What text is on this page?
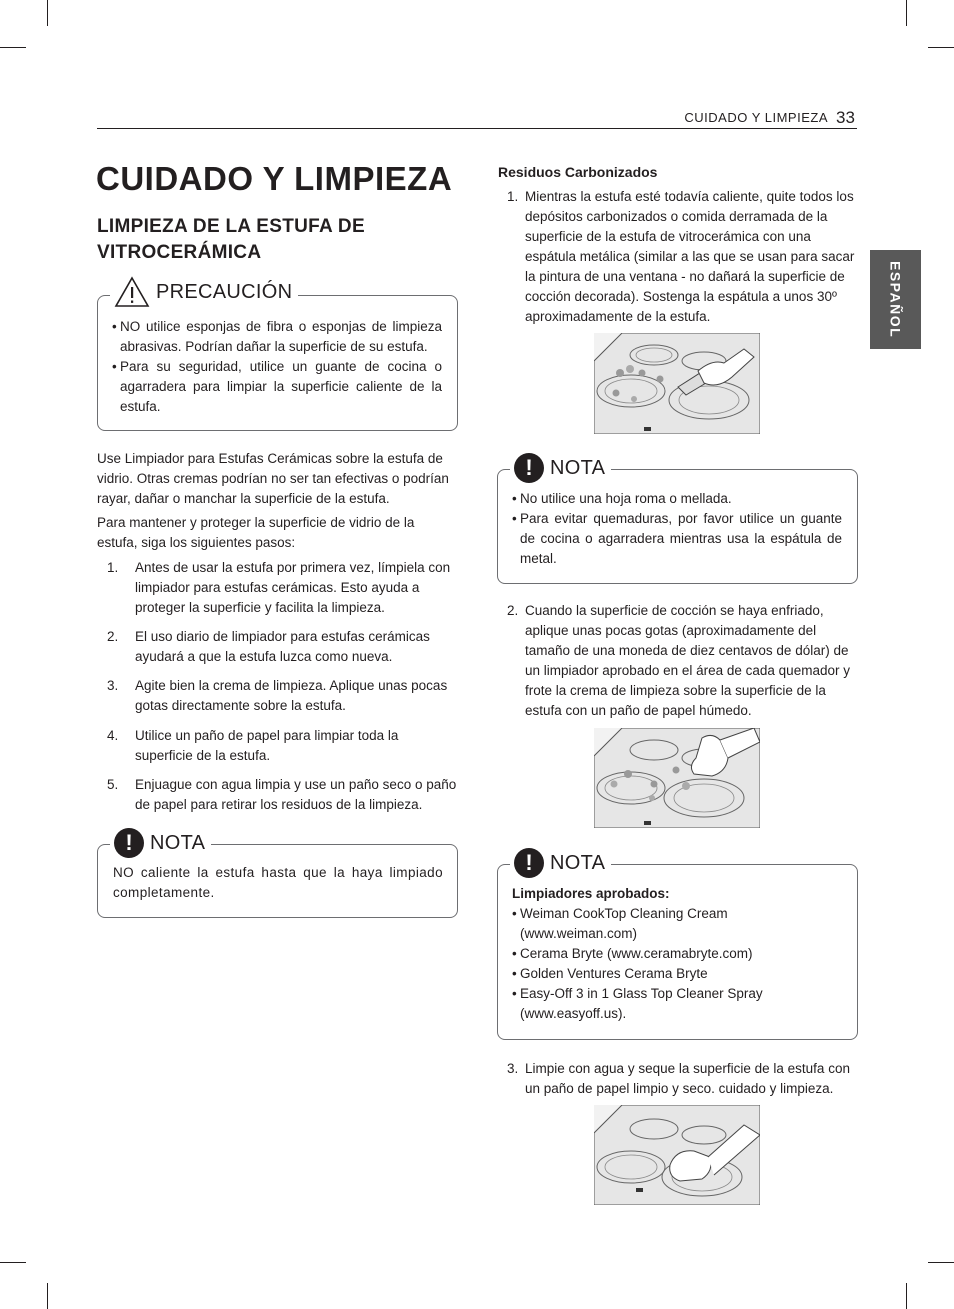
CUIDADO Y LIMPIEZA 33
ESPAÑOL
CUIDADO Y LIMPIEZA
LIMPIEZA DE LA ESTUFA DE VITROCERÁMICA
PRECAUCIÓN
• NO utilice esponjas de fibra o esponjas de limpieza abrasivas. Podrían dañar la superficie de su estufa.
• Para su seguridad, utilice un guante de cocina o agarradera para limpiar la superficie caliente de la estufa.

Use Limpiador para Estufas Cerámicas sobre la estufa de vidrio. Otras cremas podrían no ser tan efectivas o podrían rayar, dañar o manchar la superficie de la estufa.

Para mantener y proteger la superficie de vidrio de la estufa, siga los siguientes pasos:

1.	Antes de usar la estufa por primera vez, límpiela con limpiador para estufas cerámicas. Esto ayuda a proteger la superficie y facilita la limpieza.
2.	El uso diario de limpiador para estufas cerámicas ayudará a que la estufa luzca como nueva.
3.	Agite bien la crema de limpieza. Aplique unas pocas gotas directamente sobre la estufa.
4.	Utilice un paño de papel para limpiar toda la superficie de la estufa.
5.	Enjuague con agua limpia y use un paño seco o paño de papel para retirar los residuos de la limpieza.
! NOTA
NO caliente la estufa hasta que la haya limpiado completamente.
Residuos Carbonizados
1. Mientras la estufa esté todavía caliente, quite todos los depósitos carbonizados o comida derramada de la superficie de la estufa de vitrocerámica con una espátula metálica (similar a las que se usan para sacar la pintura de una ventana - no dañará la superficie de cocción decorada). Sostenga la espátula a unos 30º aproximadamente de la estufa.
! NOTA
• No utilice una hoja roma o mellada.
• Para evitar quemaduras, por favor utilice un guante de cocina o agarradera mientras usa la espátula de metal.
2. Cuando la superficie de cocción se haya enfriado, aplique unas pocas gotas (aproximadamente del tamaño de una moneda de diez centavos de dólar) de un limpiador aprobado en el área de cada quemador y frote la crema de limpieza sobre la superficie de la estufa con un paño de papel húmedo.
! NOTA
Limpiadores aprobados:
• Weiman CookTop Cleaning Cream (www.weiman.com)
• Cerama Bryte (www.ceramabryte.com)
• Golden Ventures Cerama Bryte
• Easy-Off 3 in 1 Glass Top Cleaner Spray (www.easyoff.us).
3. Limpie con agua y seque la superficie de la estufa con un paño de papel limpio y seco. cuidado y limpieza.
